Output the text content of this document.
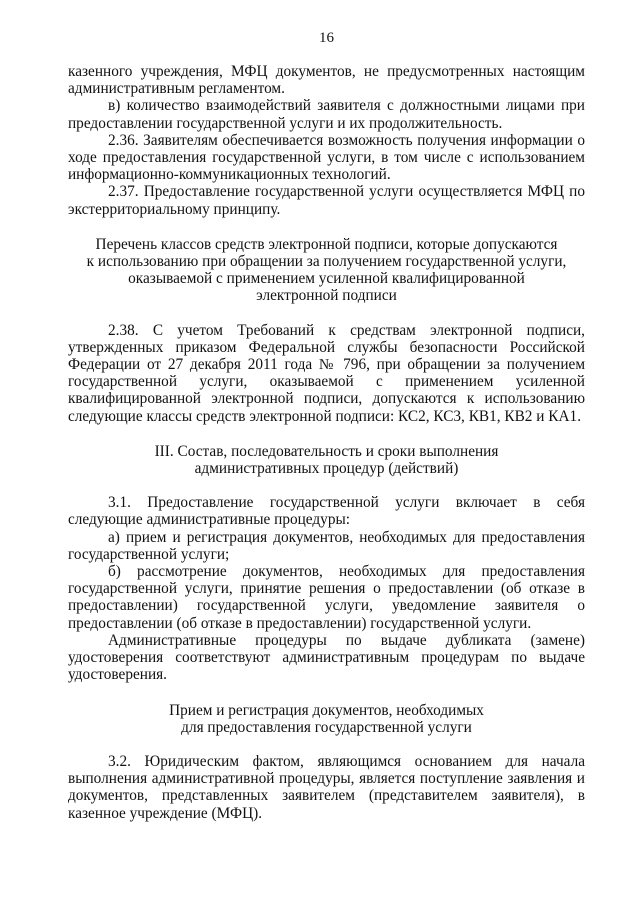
16

казенного учреждения, МФЦ документов, не предусмотренных настоящим административным регламентом.

в) количество взаимодействий заявителя с должностными лицами при предоставлении государственной услуги и их продолжительность.

2.36. Заявителям обеспечивается возможность получения информации о ходе предоставления государственной услуги, в том числе с использованием информационно-коммуникационных технологий.

2.37. Предоставление государственной услуги осуществляется МФЦ по экстерриториальному принципу.

Перечень классов средств электронной подписи, которые допускаются
к использованию при обращении за получением государственной услуги,
оказываемой с применением усиленной квалифицированной
электронной подписи

2.38. С учетом Требований к средствам электронной подписи, утвержденных приказом Федеральной службы безопасности Российской Федерации от 27 декабря 2011 года № 796, при обращении за получением государственной услуги, оказываемой с применением усиленной квалифицированной электронной подписи, допускаются к использованию следующие классы средств электронной подписи: КС2, КС3, КВ1, КВ2 и КА1.

III. Состав, последовательность и сроки выполнения
административных процедур (действий)

3.1. Предоставление государственной услуги включает в себя следующие административные процедуры:

а) прием и регистрация документов, необходимых для предоставления государственной услуги;

б) рассмотрение документов, необходимых для предоставления государственной услуги, принятие решения о предоставлении (об отказе в предоставлении) государственной услуги, уведомление заявителя о предоставлении (об отказе в предоставлении) государственной услуги.

Административные процедуры по выдаче дубликата (замене) удостоверения соответствуют административным процедурам по выдаче удостоверения.

Прием и регистрация документов, необходимых
для предоставления государственной услуги

3.2. Юридическим фактом, являющимся основанием для начала выполнения административной процедуры, является поступление заявления и документов, представленных заявителем (представителем заявителя), в казенное учреждение (МФЦ).
